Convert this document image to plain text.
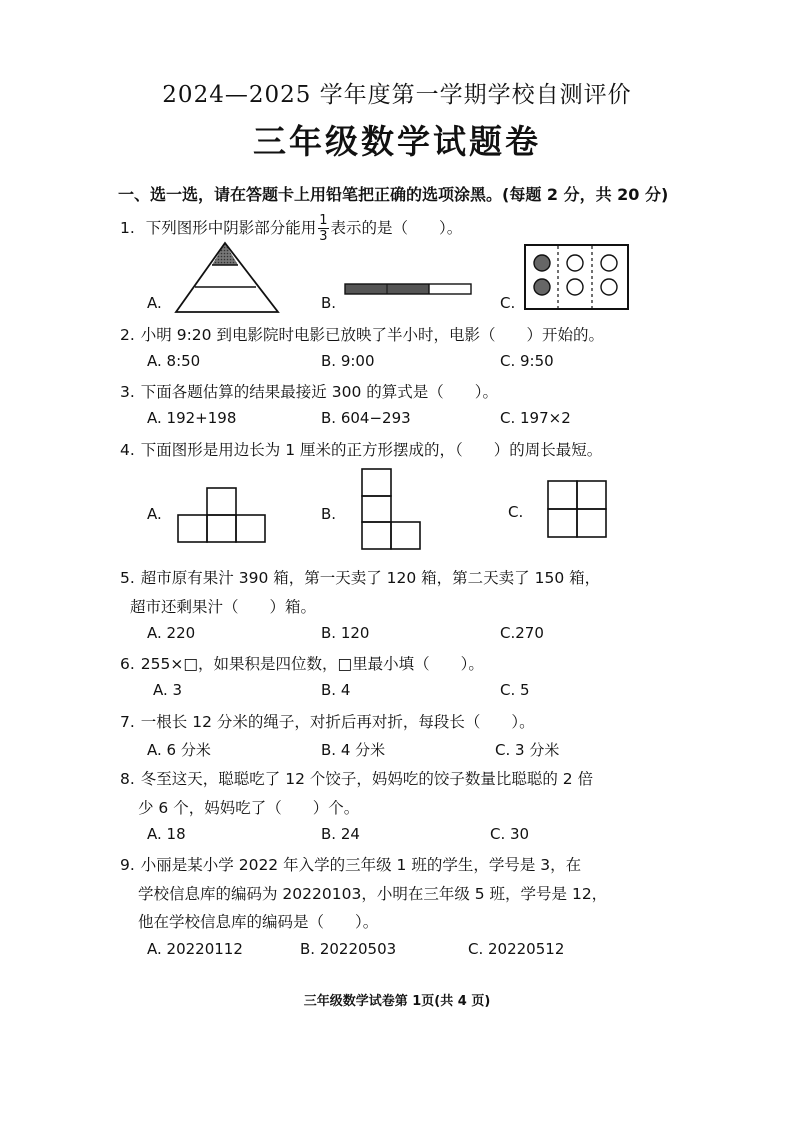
2024—2025 学年度第一学期学校自测评价
三年级数学试题卷
一、选一选，请在答题卡上用铅笔把正确的选项涂黑。(每题 2 分，共 20 分)
1. 下列图形中阴影部分能用 $\frac{1}{3}$ 表示的是（　　）。
A.	B.	C.
2. 小明 9:20 到电影院时电影已放映了半小时，电影（　　）开始的。
A. 8:50	B. 9:00	C. 9:50
3. 下面各题估算的结果最接近 300 的算式是（　　）。
A. 192+198	B. 604−293	C. 197×2
4. 下面图形是用边长为 1 厘米的正方形摆成的，（　　）的周长最短。
A.	B.	C.
5. 超市原有果汁 390 箱，第一天卖了 120 箱，第二天卖了 150 箱，
超市还剩果汁（　　）箱。
A. 220	B. 120	C.270
6. 255×□，如果积是四位数，□里最小填（　　）。
A. 3	B. 4	C. 5
7. 一根长 12 分米的绳子，对折后再对折，每段长（　　）。
A. 6 分米	B. 4 分米	C. 3 分米
8. 冬至这天，聪聪吃了 12 个饺子，妈妈吃的饺子数量比聪聪的 2 倍
少 6 个，妈妈吃了（　　）个。
A. 18	B. 24	C. 30
9. 小丽是某小学 2022 年入学的三年级 1 班的学生，学号是 3，在
学校信息库的编码为 20220103，小明在三年级 5 班，学号是 12，
他在学校信息库的编码是（　　）。
A. 20220112	B. 20220503	C. 20220512
三年级数学试卷第 1页(共 4 页)
